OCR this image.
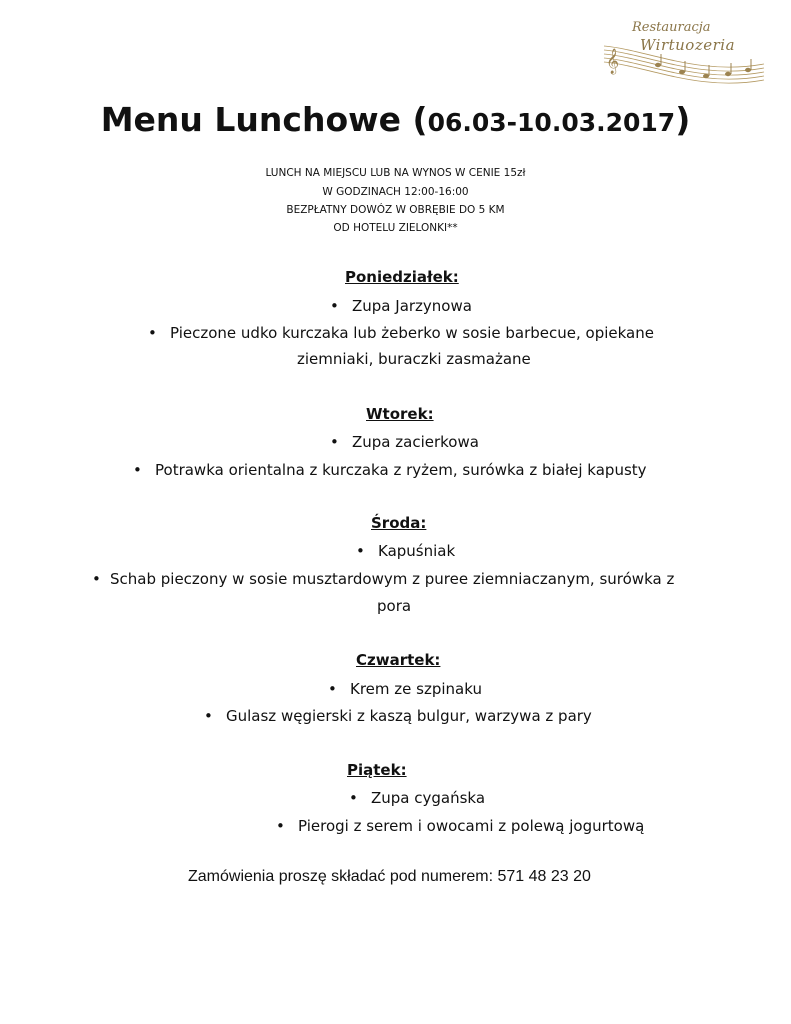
𝄞
Restauracja
Wirtuozeria
Menu Lunchowe (06.03-10.03.2017)
LUNCH NA MIEJSCU LUB NA WYNOS W CENIE 15zł
W GODZINACH 12:00-16:00
BEZPŁATNY DOWÓZ W OBRĘBIE DO 5 KM
OD HOTELU ZIELONKI**
Poniedziałek:
• Zupa Jarzynowa
• Pieczone udko kurczaka lub żeberko w sosie barbecue, opiekane
ziemniaki, buraczki zasmażane
Wtorek:
• Zupa zacierkowa
• Potrawka orientalna z kurczaka z ryżem, surówka z białej kapusty
Środa:
• Kapuśniak
• Schab pieczony w sosie musztardowym z puree ziemniaczanym, surówka z
pora
Czwartek:
• Krem ze szpinaku
• Gulasz węgierski z kaszą bulgur, warzywa z pary
Piątek:
• Zupa cygańska
• Pierogi z serem i owocami z polewą jogurtową
Zamówienia proszę składać pod numerem: 571 48 23 20
